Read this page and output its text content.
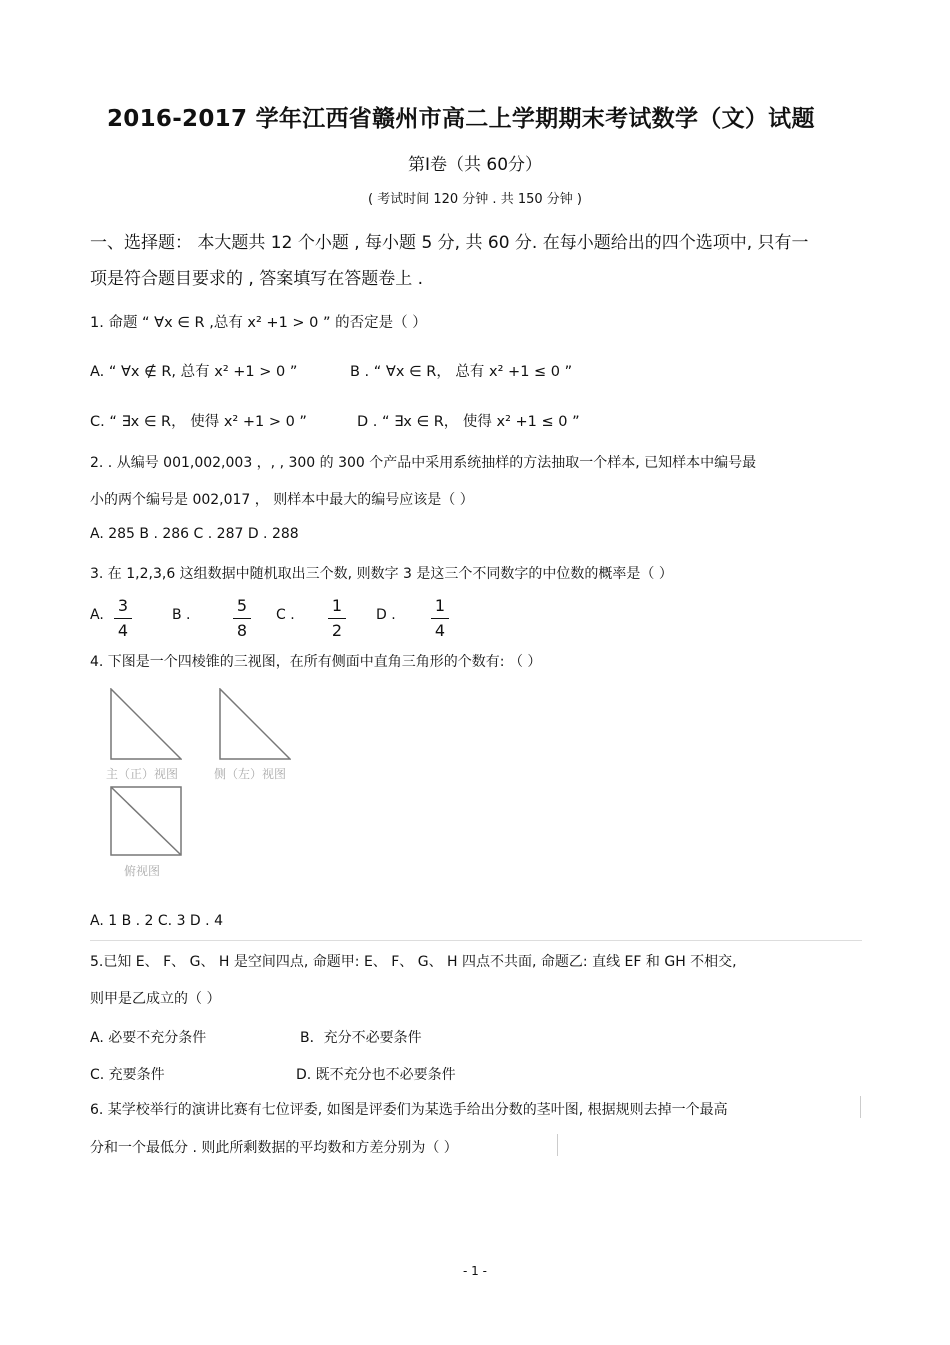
2016-2017 学年江西省赣州市高二上学期期末考试数学（文）试题
第Ⅰ卷（共 60分）
( 考试时间 120 分钟 . 共 150 分钟 )
一、选择题： 本大题共 12 个小题 , 每小题 5 分, 共 60 分. 在每小题给出的四个选项中, 只有一
项是符合题目要求的 , 答案填写在答题卷上 .
1. 命题 “ ∀x ∈ R ,总有 x² +1 > 0 ” 的否定是（ ）
A. “ ∀x ∉ R, 总有 x² +1 > 0 ”	B . “ ∀x ∈ R， 总有 x² +1 ≤ 0 ”
C. “ ∃x ∈ R， 使得 x² +1 > 0 ”	D . “ ∃x ∈ R， 使得 x² +1 ≤ 0 ”
2. . 从编号 001,002,003 ，, , 300 的 300 个产品中采用系统抽样的方法抽取一个样本, 已知样本中编号最
小的两个编号是 002,017 ， 则样本中最大的编号应该是（ ）
A. 285 B . 286 C . 287 D . 288
3. 在 1,2,3,6 这组数据中随机取出三个数, 则数字 3 是这三个不同数字的中位数的概率是（ ）
A. 3
4
B .	5
8
C .	1
2
D .	1
4
4. 下图是一个四棱锥的三视图，在所有侧面中直角三角形的个数有: （ ）
主（正）视图	侧（左）视图
俯视图
A. 1 B . 2 C. 3 D . 4
5.已知 E、 F、 G、 H 是空间四点, 命题甲: E、 F、 G、 H 四点不共面, 命题乙: 直线 EF 和 GH 不相交,
则甲是乙成立的（ ）
A. 必要不充分条件	B．充分不必要条件
C. 充要条件	D. 既不充分也不必要条件
6. 某学校举行的演讲比赛有七位评委, 如图是评委们为某选手给出分数的茎叶图, 根据规则去掉一个最高
分和一个最低分 . 则此所剩数据的平均数和方差分别为（ ）
- 1 -
